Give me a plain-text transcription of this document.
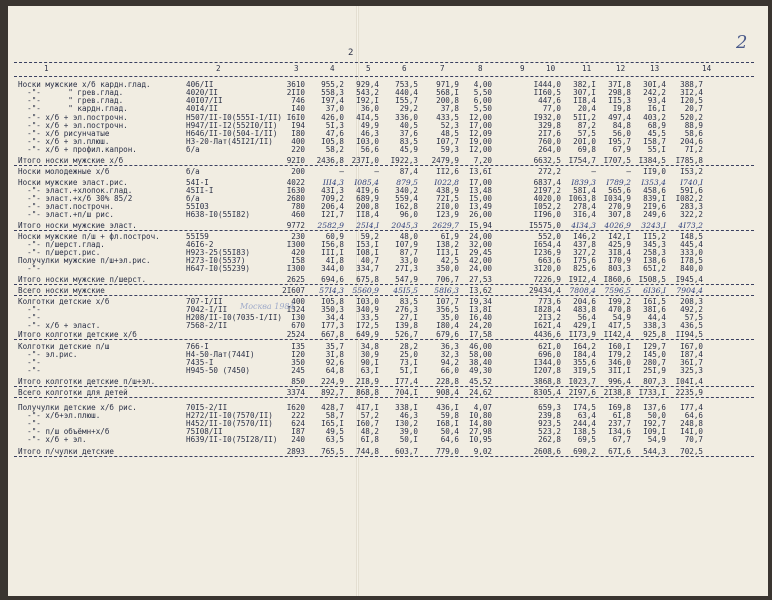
2	2
1	2	3	4	5	6	7	8	9	10	11	12	13	14
Носки мужские х/б кардн.глад.	406/II	3610	955,2	929,4	753,5	971,9	4,00	I444,0	382,I	37I,8	30I,4	388,7
-"-      " грев.глад.	4020/II	2II0	558,3	543,2	440,4	568,I	5,50	II60,5	307,I	298,8	242,2	3I2,4
-"-      " грев.глад.	40I07/II	746	I97,4	I92,I	I55,7	200,8	6,00	447,6	II8,4	II5,3	93,4	I20,5
-"-      " кардн.глад.	40I4/II	I40	37,0	36,0	29,2	37,8	5,50	77,0	20,4	I9,8	I6,I	20,7
-"- х/б + эл.построчн.	Н507/II-I0(555I-I/II) I6I0	426,0	4I4,5	336,0	433,5	I2,00	I932,0	5II,2	497,4	403,2	520,2
-"- х/б + эл.построчн.	Н947/II-I2(552I0/II)	I94	5I,3	49,9	40,5	52,3	I7,00	329,8	87,2	84,8	68,9	88,9
-"- х/б рисунчатые	Н646/II-I0(504-I/II)	I80	47,6	46,3	37,6	48,5	I2,09	2I7,6	57,5	56,0	45,5	58,6
-"- х/б + эл.плюш.	Н3-20-Лат(45I2I/II)	400	I05,8	I03,0	83,5	I07,7	I9,00	760,0	20I,0	I95,7	I58,7	204,6
-"- х/б + профил.капрон.	б/а	220	58,2	56,6	45,9	59,3	I2,00	264,0	69,8	67,9	55,I	7I,2
Итого носки мужские х/б	92I0	2436,8 237I,0	I922,3	2479,9	7,20	6632,5 I754,7 I707,5 I384,5	I785,8
Носки молодежные х/б	б/а	200	—	—	87,4	II2,6	I3,6I	272,2	—	—	II9,0	I53,2
Носки мужские эласт.рис.	54I-I	4022	III4,3	I085,4	879,5	I022,8	I7,00	6837,4	I839,3	I789,2	I353,4	I740,I
-"- эласт.+хлопок.глад.	45II-I	I630	43I,3	4I9,6	340,2	438,9	I3,48	2I97,2	58I,4	565,6	458,6	59I,6
-"- эласт.+х/б 30% 85/2	б/а	2680	709,2	689,9	559,4	72I,5	I5,00	4020,0 I063,8 I034,9	839,I	I082,2
-"- эласт.построчн.	55I03	780	206,4	200,8	I62,8	2I0,0	I3,49	I052,2	278,4	270,9	2I9,6	283,3
-"- эласт.+п/ш рис.	Н638-I0(55I82)	460	I2I,7	II8,4	96,0	I23,9	26,00	II96,0	3I6,4	307,8	249,6	322,2
Итого носки мужские эласт.	9772	2582,9	25I4,I	2045,3	2629,7	I5,94	I5575,0	4I34,3	4026,9	3243,I	4I73,2
Носки мужские п/ш + фл.построч.	55I59	230	60,9	59,2	48,0	6I,9	24,00	552,0	I46,2	I42,I	II5,2	I48,5
-"- п/шерст.глад.	46I6-2	I300	I56,8	I53,I	I07,9	I38,2	32,00	I654,4	437,8	425,9	345,3	445,4
-"- п/шерст.рис.	Н923-25(55I83)	420	III,I	I08,I	87,7	II3,I	29,45	I236,9	327,2	3I8,4	258,3	333,0
Получулки мужские п/ш+эл.рис.	Н273-I0(5537)	I58	4I,8	40,7	33,0	42,5	42,00	663,6	I75,6	I70,9	I38,6	I78,5
-"-	Н647-I0(55239)	I300	344,0	334,7	27I,3	350,0	24,00	3I20,0	825,6	803,3	65I,2	840,0
Итого носки мужские п/шерст.	2625	694,6	675,8	547,9	706,7	27,53	7226,9 I9I2,4 I860,6 I508,5	I945,4
Всего носки мужские	2I607	57I4,3	5560,9	45I5,5	58I6,3	I3,62	29434,4	7808,4	7596,5	6I36,I	7904,4
Колготки детские х/б	707-I/II	400	I05,8	I03,0	83,5	I07,7	I9,34	773,6	204,6	I99,2	I6I,5	208,3
-"-	7042-I/II	I324	350,3	340,9	276,3	356,5	I3,8I	I828,4	483,8	470,8	38I,6	492,2
-"-	Н208/II-I0(7035-I/II)	I30	34,4	33,5	27,I	35,0	I6,40	2I3,2	56,4	54,9	44,4	57,5
-"- х/б + эласт.	7568-2/II	670	I77,3	I72,5	I39,8	I80,4	24,20	I62I,4	429,I	4I7,5	338,3	436,5
Итого колготки детские х/б	2524	667,8	649,9	526,7	679,6	I7,58	4436,6 II73,9 II42,4	925,8	II94,5
Колготки детские п/ш	766-I	I35	35,7	34,8	28,2	36,3	46,00	62I,0	I64,2	I60,I	I29,7	I67,0
-"- эл.рис.	Н4-50-Лат(744I)	I20	3I,8	30,9	25,0	32,3	58,00	696,0	I84,4	I79,2	I45,0	I87,4
-"-	7435-I	350	92,6	90,I	73,I	94,2	38,40	I344,0	355,6	346,0	280,7	36I,7
-"-	Н945-50 (7450)	245	64,8	63,I	5I,I	66,0	49,30	I207,8	3I9,5	3II,I	25I,9	325,3
Итого колготки детские п/ш+эл.	850	224,9	2I8,9	I77,4	228,8	45,52	3868,8 I023,7	996,4	807,3	I04I,4
Всего колготки для детей	3374	892,7	868,8	704,I	908,4	24,62	8305,4 2I97,6 2I38,8 I733,I	2235,9
Получулки детские х/б рис.	70I5-2/II	I620	428,7	4I7,I	338,I	436,I	4,07	659,3	I74,5	I69,8	I37,6	I77,4
-"- х/б+эл.плюш.	Н272/II-I0(7570/II)	222	58,7	57,2	46,3	59,8	I0,80	239,8	63,4	6I,8	50,0	64,6
-"-	Н452/II-I0(7570/II)	624	I65,I	I60,7	I30,2	I68,I	I4,80	923,5	244,4	237,7	I92,7	248,8
-"- п/ш объёмн+х/б	75I08/II	I87	49,5	48,2	39,0	50,4	27,98	523,2	I38,5	I34,6	I09,I	I4I,0
-"- х/б + эл.	Н639/II-I0(75I28/II)	240	63,5	6I,8	50,I	64,6	I0,95	262,8	69,5	67,7	54,9	70,7
Итого п/чулки детские	2893	765,5	744,8	603,7	779,0	9,02	2608,6	690,2	67I,6	544,3	702,5
Москва 1984
